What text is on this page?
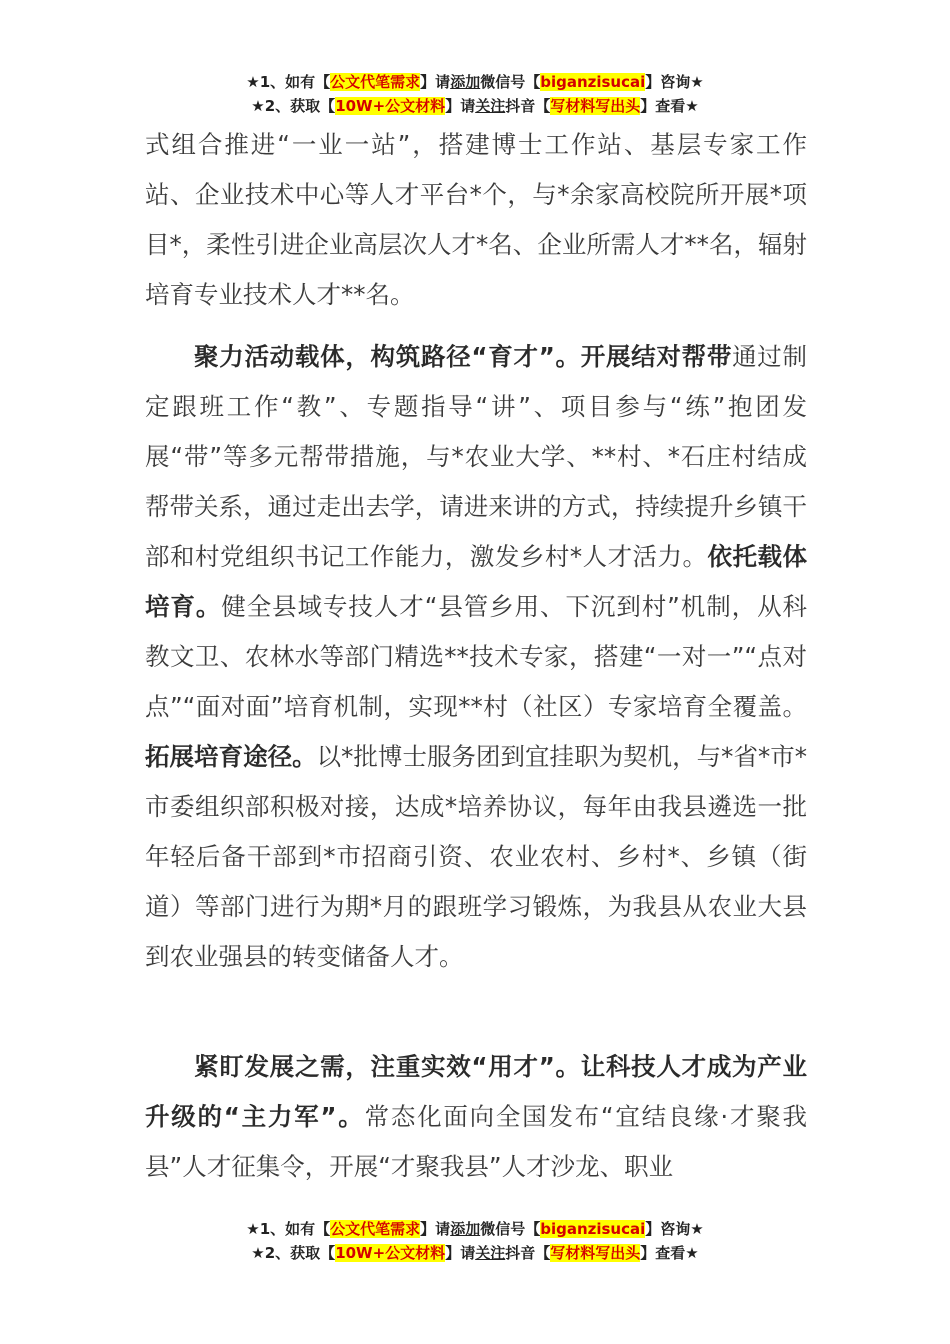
★1、如有【公文代笔需求】请添加微信号【biganzisucai】咨询★
★2、获取【10W+公文材料】请关注抖音【写材料写出头】查看★

式组合推进“一业一站”，搭建博士工作站、基层专家工作站、企业技术中心等人才平台*个，与*余家高校院所开展*项目*，柔性引进企业高层次人才*名、企业所需人才**名，辐射培育专业技术人才**名。

聚力活动载体，构筑路径“育才”。开展结对帮带通过制定跟班工作“教”、专题指导“讲”、项目参与“练”抱团发展“带”等多元帮带措施，与*农业大学、**村、*石庄村结成帮带关系，通过走出去学，请进来讲的方式，持续提升乡镇干部和村党组织书记工作能力，激发乡村*人才活力。依托载体培育。健全县域专技人才“县管乡用、下沉到村”机制，从科教文卫、农林水等部门精选**技术专家，搭建“一对一”“点对点”“面对面”培育机制，实现**村（社区）专家培育全覆盖。拓展培育途径。以*批博士服务团到宜挂职为契机，与*省*市*市委组织部积极对接，达成*培养协议，每年由我县遴选一批年轻后备干部到*市招商引资、农业农村、乡村*、乡镇（街道）等部门进行为期*月的跟班学习锻炼，为我县从农业大县到农业强县的转变储备人才。

紧盯发展之需，注重实效“用才”。让科技人才成为产业升级的“主力军”。常态化面向全国发布“宜结良缘·才聚我县”人才征集令，开展“才聚我县”人才沙龙、职业

★1、如有【公文代笔需求】请添加微信号【biganzisucai】咨询★
★2、获取【10W+公文材料】请关注抖音【写材料写出头】查看★
